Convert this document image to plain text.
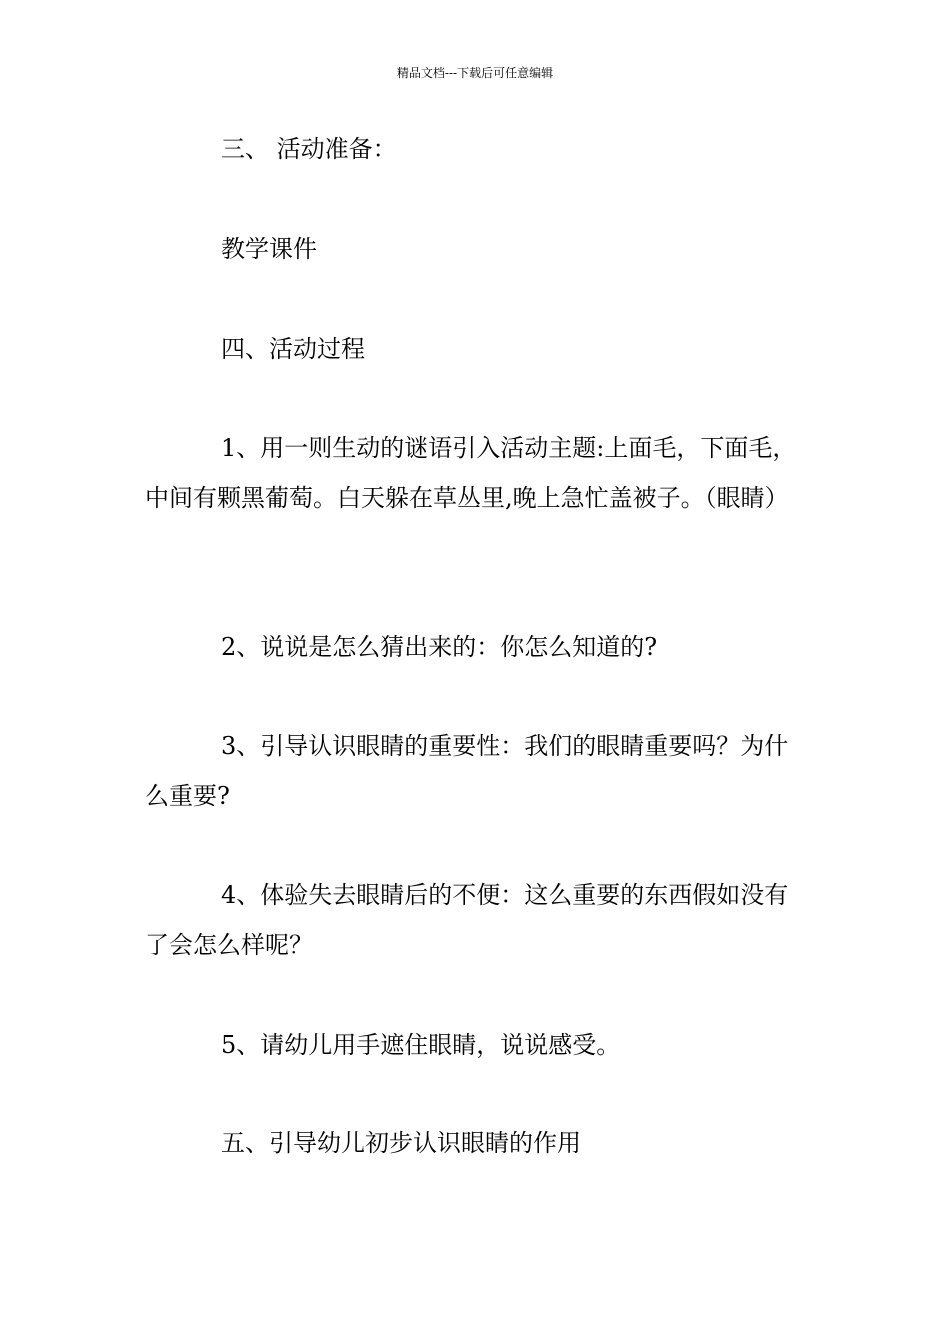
精品文档---下载后可任意编辑

三、 活动准备：

教学课件

四、活动过程

1、用一则生动的谜语引入活动主题:上面毛，下面毛，中间有颗黑葡萄。白天躲在草丛里,晚上急忙盖被子。（眼睛）

2、说说是怎么猜出来的：你怎么知道的?

3、引导认识眼睛的重要性：我们的眼睛重要吗？为什么重要?

4、体验失去眼睛后的不便：这么重要的东西假如没有了会怎么样呢？

5、请幼儿用手遮住眼睛，说说感受。

五、引导幼儿初步认识眼睛的作用
